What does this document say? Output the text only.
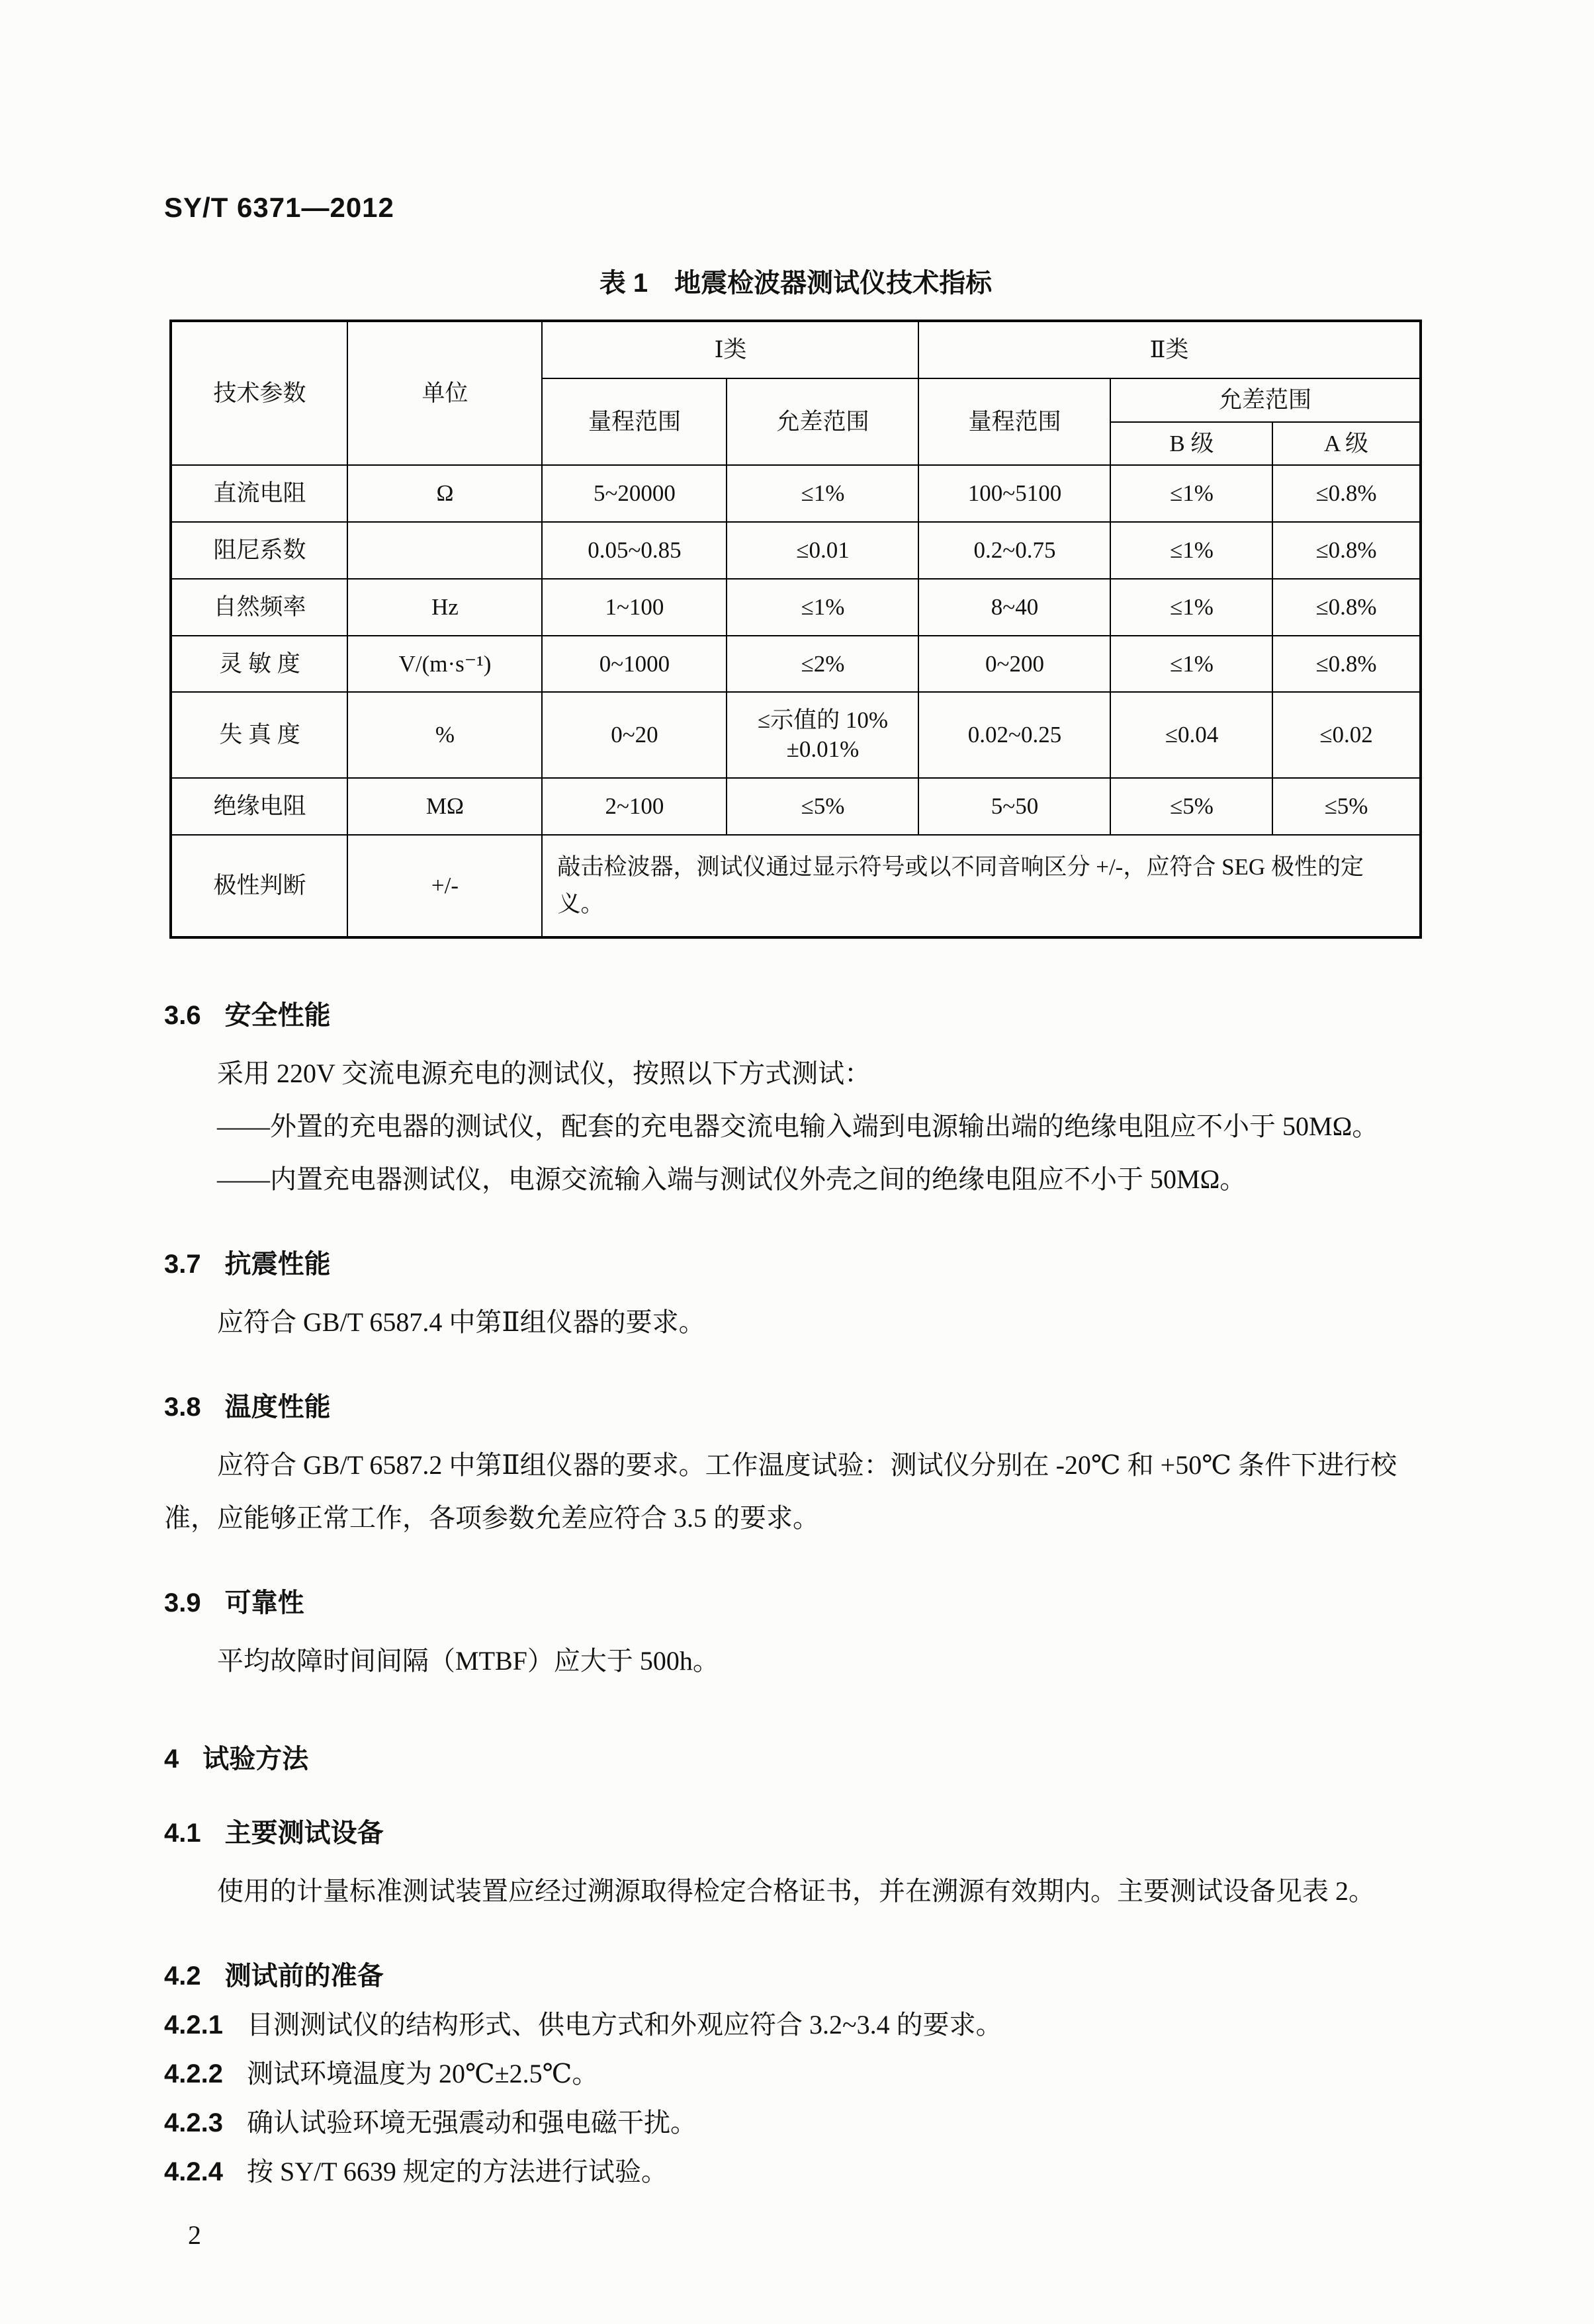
SY/T 6371—2012
表 1　地震检波器测试仪技术指标
技术参数	单位	Ⅰ类		Ⅱ类		
		量程范围	允差范围	量程范围	允差范围	
					B 级	A 级
直流电阻	Ω	5~20000	≤1%	100~5100	≤1%	≤0.8%
阻尼系数		0.05~0.85	≤0.01	0.2~0.75	≤1%	≤0.8%
自然频率	Hz	1~100	≤1%	8~40	≤1%	≤0.8%
灵 敏 度	V/(m·s⁻¹)	0~1000	≤2%	0~200	≤1%	≤0.8%
失 真 度	%	0~20	≤示值的 10%±0.01%	0.02~0.25	≤0.04	≤0.02
绝缘电阻	MΩ	2~100	≤5%	5~50	≤5%	≤5%
极性判断	+/-	敲击检波器，测试仪通过显示符号或以不同音响区分 +/-，应符合 SEG 极性的定义。				
3.6 安全性能

采用 220V 交流电源充电的测试仪，按照以下方式测试：

——外置的充电器的测试仪，配套的充电器交流电输入端到电源输出端的绝缘电阻应不小于 50MΩ。

——内置充电器测试仪，电源交流输入端与测试仪外壳之间的绝缘电阻应不小于 50MΩ。

3.7 抗震性能

应符合 GB/T 6587.4 中第Ⅱ组仪器的要求。

3.8 温度性能

应符合 GB/T 6587.2 中第Ⅱ组仪器的要求。工作温度试验：测试仪分别在 -20℃ 和 +50℃ 条件下进行校准，应能够正常工作，各项参数允差应符合 3.5 的要求。

3.9 可靠性

平均故障时间间隔（MTBF）应大于 500h。

4 试验方法
4.1 主要测试设备

使用的计量标准测试装置应经过溯源取得检定合格证书，并在溯源有效期内。主要测试设备见表 2。

4.2 测试前的准备

4.2.1 目测测试仪的结构形式、供电方式和外观应符合 3.2~3.4 的要求。

4.2.2 测试环境温度为 20℃±2.5℃。

4.2.3 确认试验环境无强震动和强电磁干扰。

4.2.4 按 SY/T 6639 规定的方法进行试验。

2
